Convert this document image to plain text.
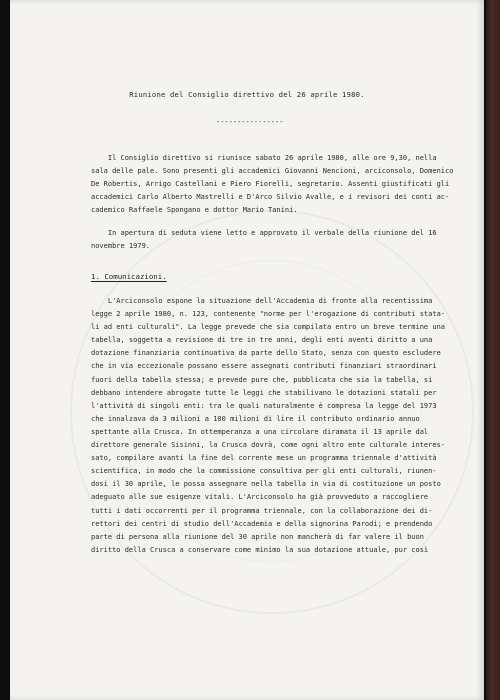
Riunione del Consiglio direttivo del 26 aprile 1980.
----------------
Il Consiglio direttivo si riunisce sabato 26 aprile 1980, alle ore 9,30, nella
sala delle pale. Sono presenti gli accademici Giovanni Nencioni, arciconsolo, Domenico
De Robertis, Arrigo Castellani e Piero Fiorelli, segretario. Assenti giustificati gli
accademici Carlo Alberto Mastrelli e D'Arco Silvio Avalle, e i revisori dei conti ac-
cademico Raffaele Spongano e dottor Mario Tanini.
In apertura di seduta viene letto e approvato il verbale della riunione del 16
novembre 1979.
1. Comunicazioni.
L'Arciconsolo espone la situazione dell'Accademia di fronte alla recentissima
legge 2 aprile 1980, n. 123, contenente "norme per l'erogazione di contributi stata-
li ad enti culturali". La legge prevede che sia compilata entro un breve termine una
tabella, soggetta a revisione di tre in tre anni, degli enti aventi diritto a una
dotazione finanziaria continuativa da parte dello Stato, senza con questo escludere
che in via eccezionale possano essere assegnati contributi finanziari straordinari
fuori della tabella stessa; e prevede pure che, pubblicata che sia la tabella, si
debbano intendere abrogate tutte le leggi che stabilivano le dotazioni statali per
l'attività di singoli enti: tra le quali naturalmente è compresa la legge del 1973
che innalzava da 3 milioni a 100 milioni di lire il contributo ordinario annuo
spettante alla Crusca. In ottemperanza a una circolare diramata il 13 aprile dal
direttore generale Sisinni, la Crusca dovrà, come ogni altro ente culturale interes-
sato, compilare avanti la fine del corrente mese un programma triennale d'attività
scientifica, in modo che la commissione consultiva per gli enti culturali, riunen-
dosi il 30 aprile, le possa assegnare nella tabella in via di costituzione un posto
adeguato alle sue esigenze vitali. L'Arciconsolo ha già provveduto a raccogliere
tutti i dati occorrenti per il programma triennale, con la collaborazione dei di-
rettori dei centri di studio dell'Accademia e della signorina Parodi; e prendendo
parte di persona alla riunione del 30 aprile non mancherà di far valere il buon
diritto della Crusca a conservare come minimo la sua dotazione attuale, pur così
